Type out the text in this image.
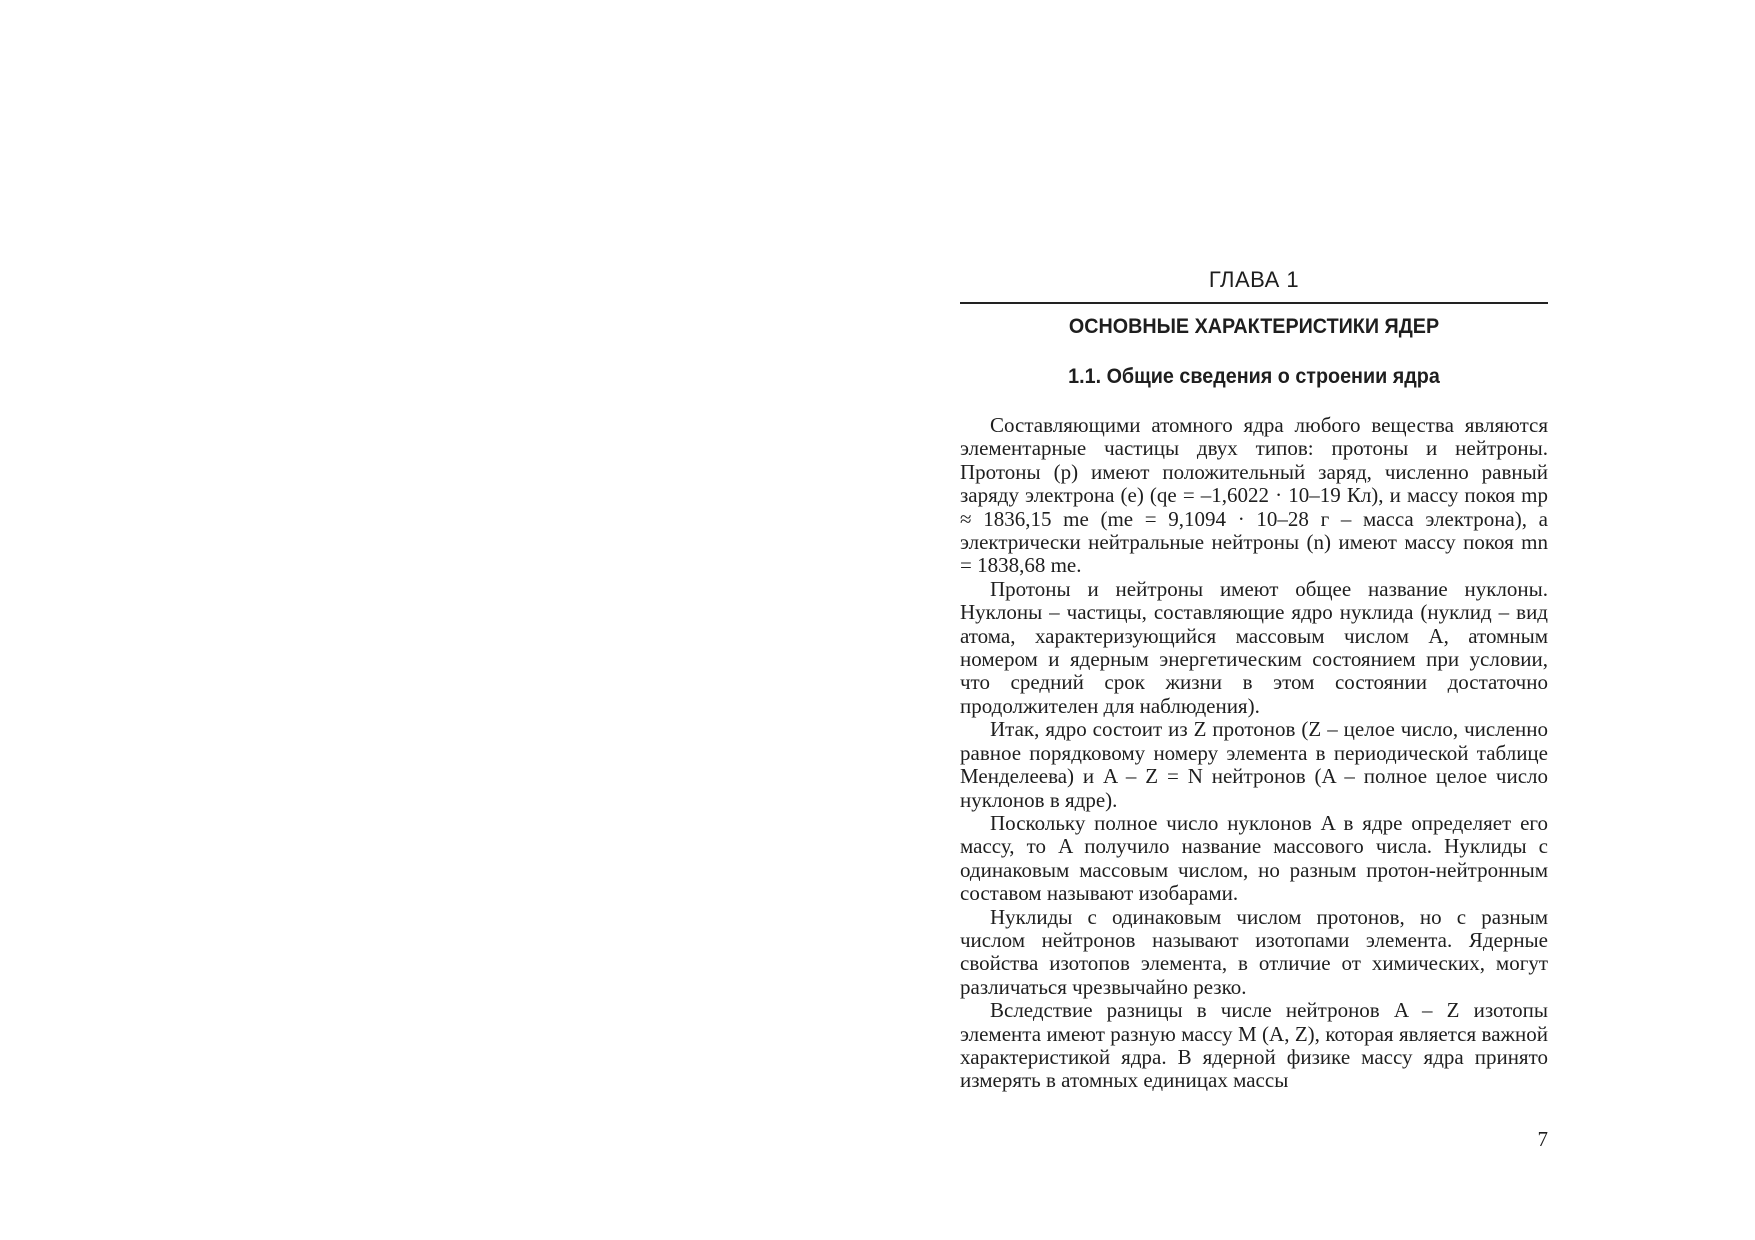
ГЛАВА 1
ОСНОВНЫЕ ХАРАКТЕРИСТИКИ ЯДЕР
1.1. Общие сведения о строении ядра

Составляющими атомного ядра любого вещества являются элементарные частицы двух типов: протоны и нейтроны. Протоны (р) имеют положительный заряд, численно равный заряду электрона (e) (qe = –1,6022 · 10–19 Кл), и массу покоя mp ≈ 1836,15 me (me = 9,1094 · 10–28 г – масса электрона), а электрически нейтральные нейтроны (n) имеют массу покоя mn = 1838,68 me.

Протоны и нейтроны имеют общее название нуклоны. Нуклоны – частицы, составляющие ядро нуклида (нуклид – вид атома, характеризующийся массовым числом A, атомным номером и ядерным энергетическим состоянием при условии, что средний срок жизни в этом состоянии достаточно продолжителен для наблюдения).

Итак, ядро состоит из Z протонов (Z – целое число, численно равное порядковому номеру элемента в периодической таблице Менделеева) и A – Z = N нейтронов (A – полное целое число нуклонов в ядре).

Поскольку полное число нуклонов A в ядре определяет его массу, то A получило название массового числа. Нуклиды с одинаковым массовым числом, но разным протон-нейтронным составом называют изобарами.

Нуклиды с одинаковым числом протонов, но с разным числом нейтронов называют изотопами элемента. Ядерные свойства изотопов элемента, в отличие от химических, могут различаться чрезвычайно резко.

Вследствие разницы в числе нейтронов A – Z изотопы элемента имеют разную массу M (A, Z), которая является важной характеристикой ядра. В ядерной физике массу ядра принято измерять в атомных единицах массы

7
